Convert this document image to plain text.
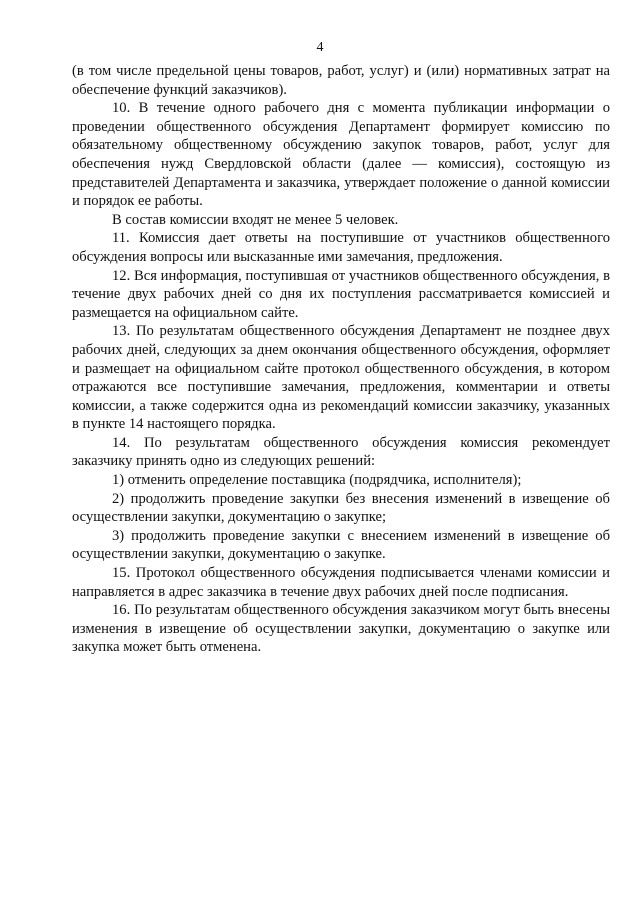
4

(в том числе предельной цены товаров, работ, услуг) и (или) нормативных затрат на обеспечение функций заказчиков).

10. В течение одного рабочего дня с момента публикации информации о проведении общественного обсуждения Департамент формирует комиссию по обязательному общественному обсуждению закупок товаров, работ, услуг для обеспечения нужд Свердловской области (далее — комиссия), состоящую из представителей Департамента и заказчика, утверждает положение о данной комиссии и порядок ее работы.

В состав комиссии входят не менее 5 человек.

11. Комиссия дает ответы на поступившие от участников общественного обсуждения вопросы или высказанные ими замечания, предложения.

12. Вся информация, поступившая от участников общественного обсуждения, в течение двух рабочих дней со дня их поступления рассматривается комиссией и размещается на официальном сайте.

13. По результатам общественного обсуждения Департамент не позднее двух рабочих дней, следующих за днем окончания общественного обсуждения, оформляет и размещает на официальном сайте протокол общественного обсуждения, в котором отражаются все поступившие замечания, предложения, комментарии и ответы комиссии, а также содержится одна из рекомендаций комиссии заказчику, указанных в пункте 14 настоящего порядка.

14. По результатам общественного обсуждения комиссия рекомендует заказчику принять одно из следующих решений:

1) отменить определение поставщика (подрядчика, исполнителя);

2) продолжить проведение закупки без внесения изменений в извещение об осуществлении закупки, документацию о закупке;

3) продолжить проведение закупки с внесением изменений в извещение об осуществлении закупки, документацию о закупке.

15. Протокол общественного обсуждения подписывается членами комиссии и направляется в адрес заказчика в течение двух рабочих дней после подписания.

16. По результатам общественного обсуждения заказчиком могут быть внесены изменения в извещение об осуществлении закупки, документацию о закупке или закупка может быть отменена.
